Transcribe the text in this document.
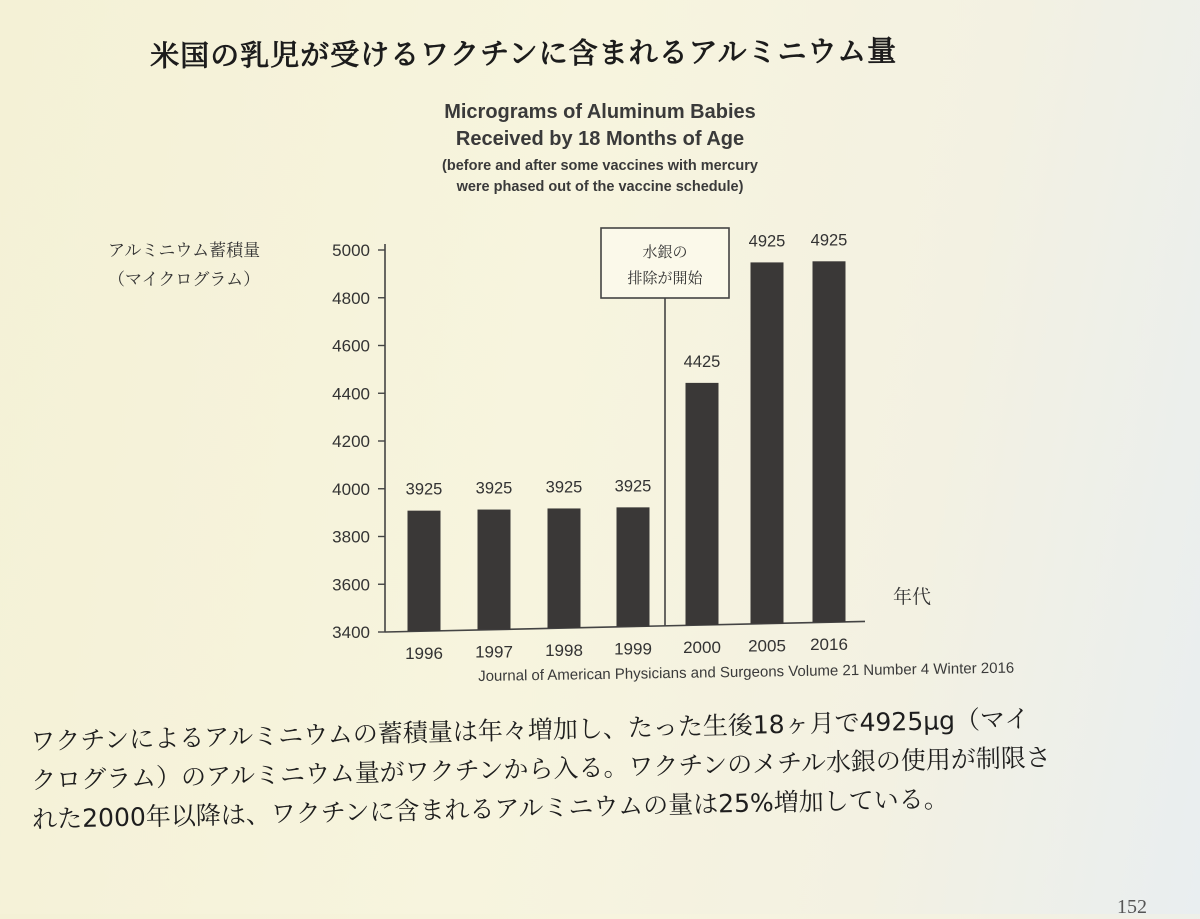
米国の乳児が受けるワクチンに含まれるアルミニウム量
Micrograms of Aluminum Babies
Received by 18 Months of Age
(before and after some vaccines with mercury
were phased out of the vaccine schedule)
アルミニウム蓄積量
（マイクログラム）
3400
3600
3800
4000
4200
4400
4600
4800
5000
3925
1996
3925
1997
3925
1998
3925
1999
4425
2000
4925
2005
4925
2016
水銀の
排除が開始
年代
Journal of American Physicians and Surgeons Volume 21 Number 4 Winter 2016
ワクチンによるアルミニウムの蓄積量は年々増加し、たった生後18ヶ月で4925μg（マイ
クログラム）のアルミニウム量がワクチンから入る。ワクチンのメチル水銀の使用が制限さ
れた2000年以降は、ワクチンに含まれるアルミニウムの量は25%増加している。
152
